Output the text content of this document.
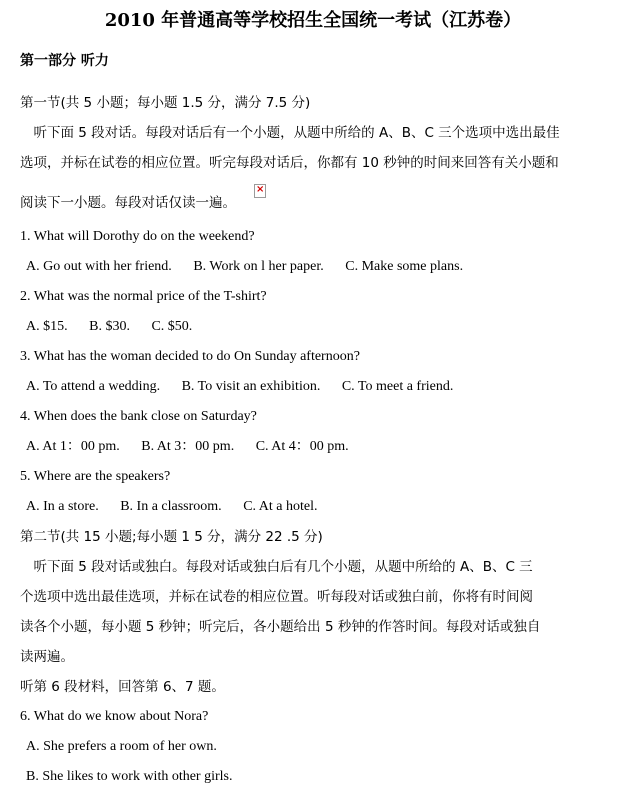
2010 年普通高等学校招生全国统一考试（江苏卷）
第一部分 听力
第一节(共 5 小题；每小题 1.5 分，满分 7.5 分)
　听下面 5 段对话。每段对话后有一个小题，从题中所给的 A、B、C 三个选项中选出最佳
选项，并标在试卷的相应位置。听完每段对话后，你都有 10 秒钟的时间来回答有关小题和
阅读下一小题。每段对话仅读一遍。
×
1. What will Dorothy do on the weekend?
A. Go out with her friend. B. Work on l her paper. C. Make some plans.
2. What was the normal price of the T-shirt?
A. $15. B. $30. C. $50.
3. What has the woman decided to do On Sunday afternoon?
A. To attend a wedding. B. To visit an exhibition. C. To meet a friend.
4. When does the bank close on Saturday?
A. At 1：00 pm. B. At 3：00 pm. C. At 4：00 pm.
5. Where are the speakers?
A. In a store. B. In a classroom. C. At a hotel.
第二节(共 15 小题;每小题 1 5 分，满分 22 .5 分)
　听下面 5 段对话或独白。每段对话或独白后有几个小题，从题中所给的 A、B、C 三
个选项中选出最佳选项，并标在试卷的相应位置。听每段对话或独白前，你将有时间阅
读各个小题，每小题 5 秒钟；听完后，各小题给出 5 秒钟的作答时间。每段对话或独自
读两遍。
听第 6 段材料，回答第 6、7 题。
6. What do we know about Nora?
A. She prefers a room of her own.
B. She likes to work with other girls.
